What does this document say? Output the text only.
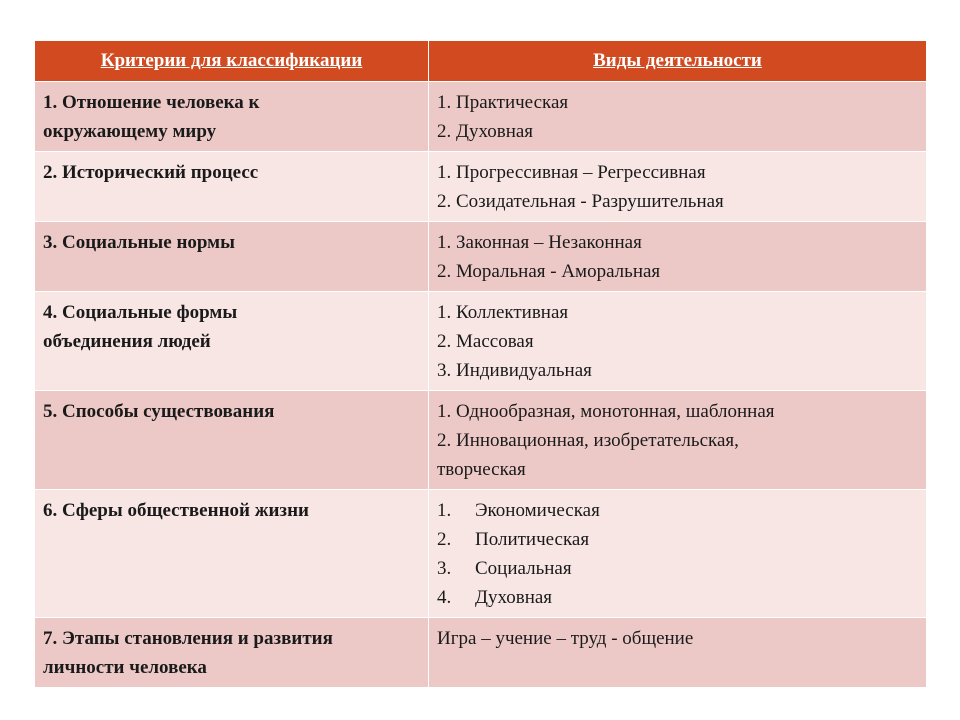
Критерии для классификации	Виды деятельности

1. Отношение человека к
окружающему миру	1. Практическая
2. Духовная

2. Исторический процесс	1. Прогрессивная – Регрессивная
2. Созидательная - Разрушительная

3. Социальные нормы	1. Законная – Незаконная
2. Моральная - Аморальная

4. Социальные формы
объединения людей	1. Коллективная
2. Массовая
3. Индивидуальная

5. Способы существования	1. Однообразная, монотонная, шаблонная
2. Инновационная, изобретательская,
творческая

6. Сферы общественной жизни	1. Экономическая
2. Политическая
3. Социальная
4. Духовная

7. Этапы становления и развития
личности человека	Игра – учение – труд - общение
